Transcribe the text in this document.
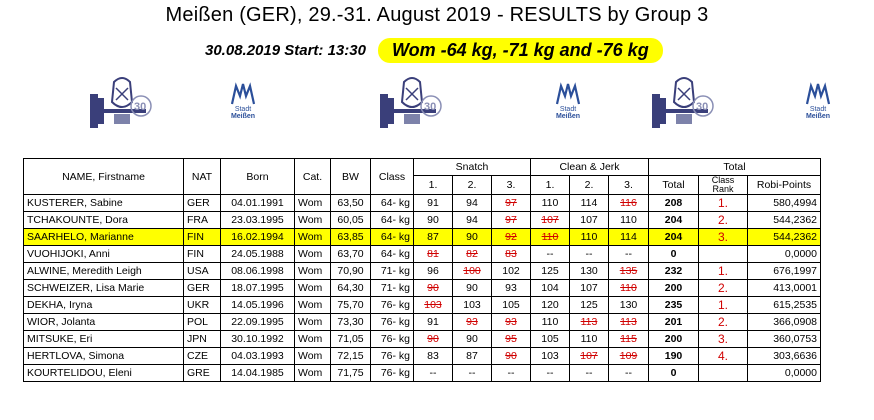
Meißen (GER), 29.-31. August 2019 - RESULTS by Group 3
30.08.2019 Start: 13:30	Wom -64 kg, -71 kg and -76 kg
30	Stadt
Meißen
30	Stadt
Meißen
30	Stadt
Meißen
NAME, Firstname	NAT	Born	Cat.	BW	Class	Snatch			Clean & Jerk			Total		
						1.	2.	3.	1.	2.	3.	Total	Class Rank	Robi-Points
KUSTERER, Sabine	GER	04.01.1991	Wom	63,50	64- kg	91	94	97	110	114	116	208	1.	580,4994
TCHAKOUNTE, Dora	FRA	23.03.1995	Wom	60,05	64- kg	90	94	97	107	107	110	204	2.	544,2362
SAARHELO, Marianne	FIN	16.02.1994	Wom	63,85	64- kg	87	90	92	110	110	114	204	3.	544,2362
VUOHIJOKI, Anni	FIN	24.05.1988	Wom	63,70	64- kg	81	82	83	--	--	--	0		0,0000
ALWINE, Meredith Leigh	USA	08.06.1998	Wom	70,90	71- kg	96	100	102	125	130	135	232	1.	676,1997
SCHWEIZER, Lisa Marie	GER	18.07.1995	Wom	64,30	71- kg	90	90	93	104	107	110	200	2.	413,0001
DEKHA, Iryna	UKR	14.05.1996	Wom	75,70	76- kg	103	103	105	120	125	130	235	1.	615,2535
WIOR, Jolanta	POL	22.09.1995	Wom	73,30	76- kg	91	93	93	110	113	113	201	2.	366,0908
MITSUKE, Eri	JPN	30.10.1992	Wom	71,05	76- kg	90	90	95	105	110	115	200	3.	360,0753
HERTLOVA, Simona	CZE	04.03.1993	Wom	72,15	76- kg	83	87	90	103	107	109	190	4.	303,6636
KOURTELIDOU, Eleni	GRE	14.04.1985	Wom	71,75	76- kg	--	--	--	--	--	--	0		0,0000
